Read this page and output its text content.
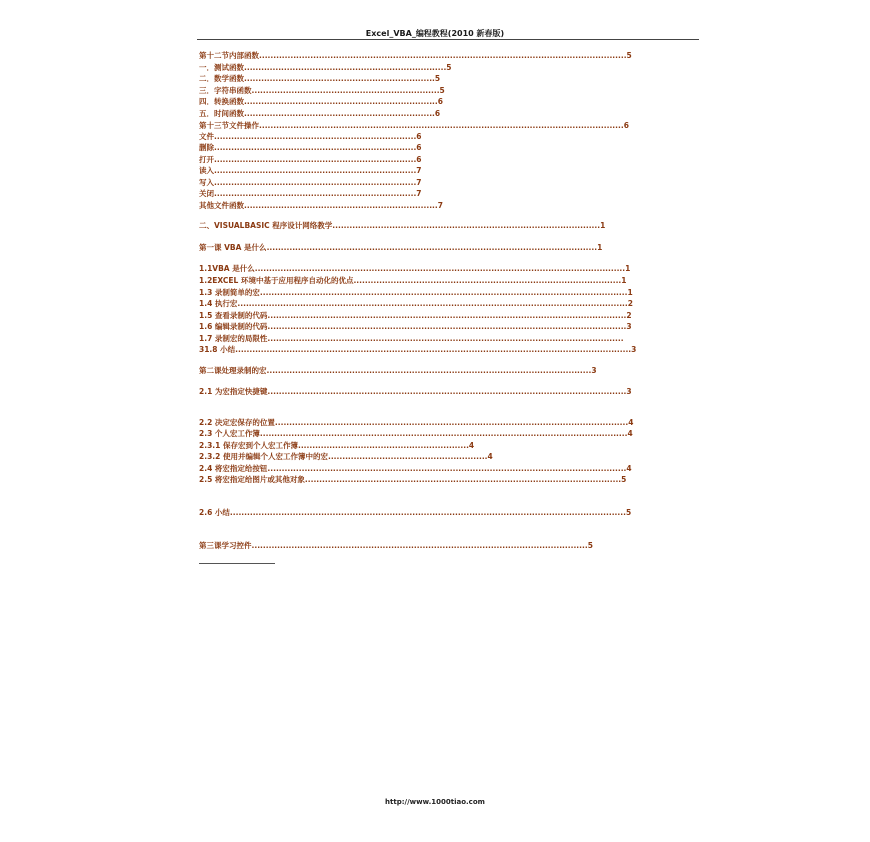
Excel_VBA_编程教程(2010 新春版)
第十二节内部函数.................................................................................................................................5
一．测试函数.......................................................................5
二．数学函数...................................................................5
三．字符串函数..................................................................5
四．转换函数....................................................................6
五．时间函数...................................................................6
第十三节文件操作................................................................................................................................6
文件.......................................................................6
删除.......................................................................6
打开.......................................................................6
读入.......................................................................7
写入.......................................................................7
关闭.......................................................................7
其他文件函数....................................................................7
二、VISUALBASIC 程序设计网络教学..............................................................................................1
第一课 VBA 是什么....................................................................................................................1
1.1VBA 是什么..................................................................................................................................1
1.2EXCEL 环境中基于应用程序自动化的优点..............................................................................................1
1.3 录制简单的宏.................................................................................................................................1
1.4 执行宏.........................................................................................................................................2
1.5 查看录制的代码..............................................................................................................................2
1.6 编辑录制的代码..............................................................................................................................3
1.7 录制宏的局限性.............................................................................................................................
31.8 小结...........................................................................................................................................3
第二课处理录制的宏..................................................................................................................3
2.1 为宏指定快捷键..............................................................................................................................3
2.2 决定宏保存的位置............................................................................................................................4
2.3 个人宏工作簿.................................................................................................................................4
2.3.1 保存宏到个人宏工作簿............................................................4
2.3.2 使用并编辑个人宏工作簿中的宏........................................................4
2.4 将宏指定给按钮..............................................................................................................................4
2.5 将宏指定给图片或其他对象...............................................................................................................5
2.6 小结...........................................................................................................................................5
第三课学习控件......................................................................................................................5
http://www.1000tiao.com
